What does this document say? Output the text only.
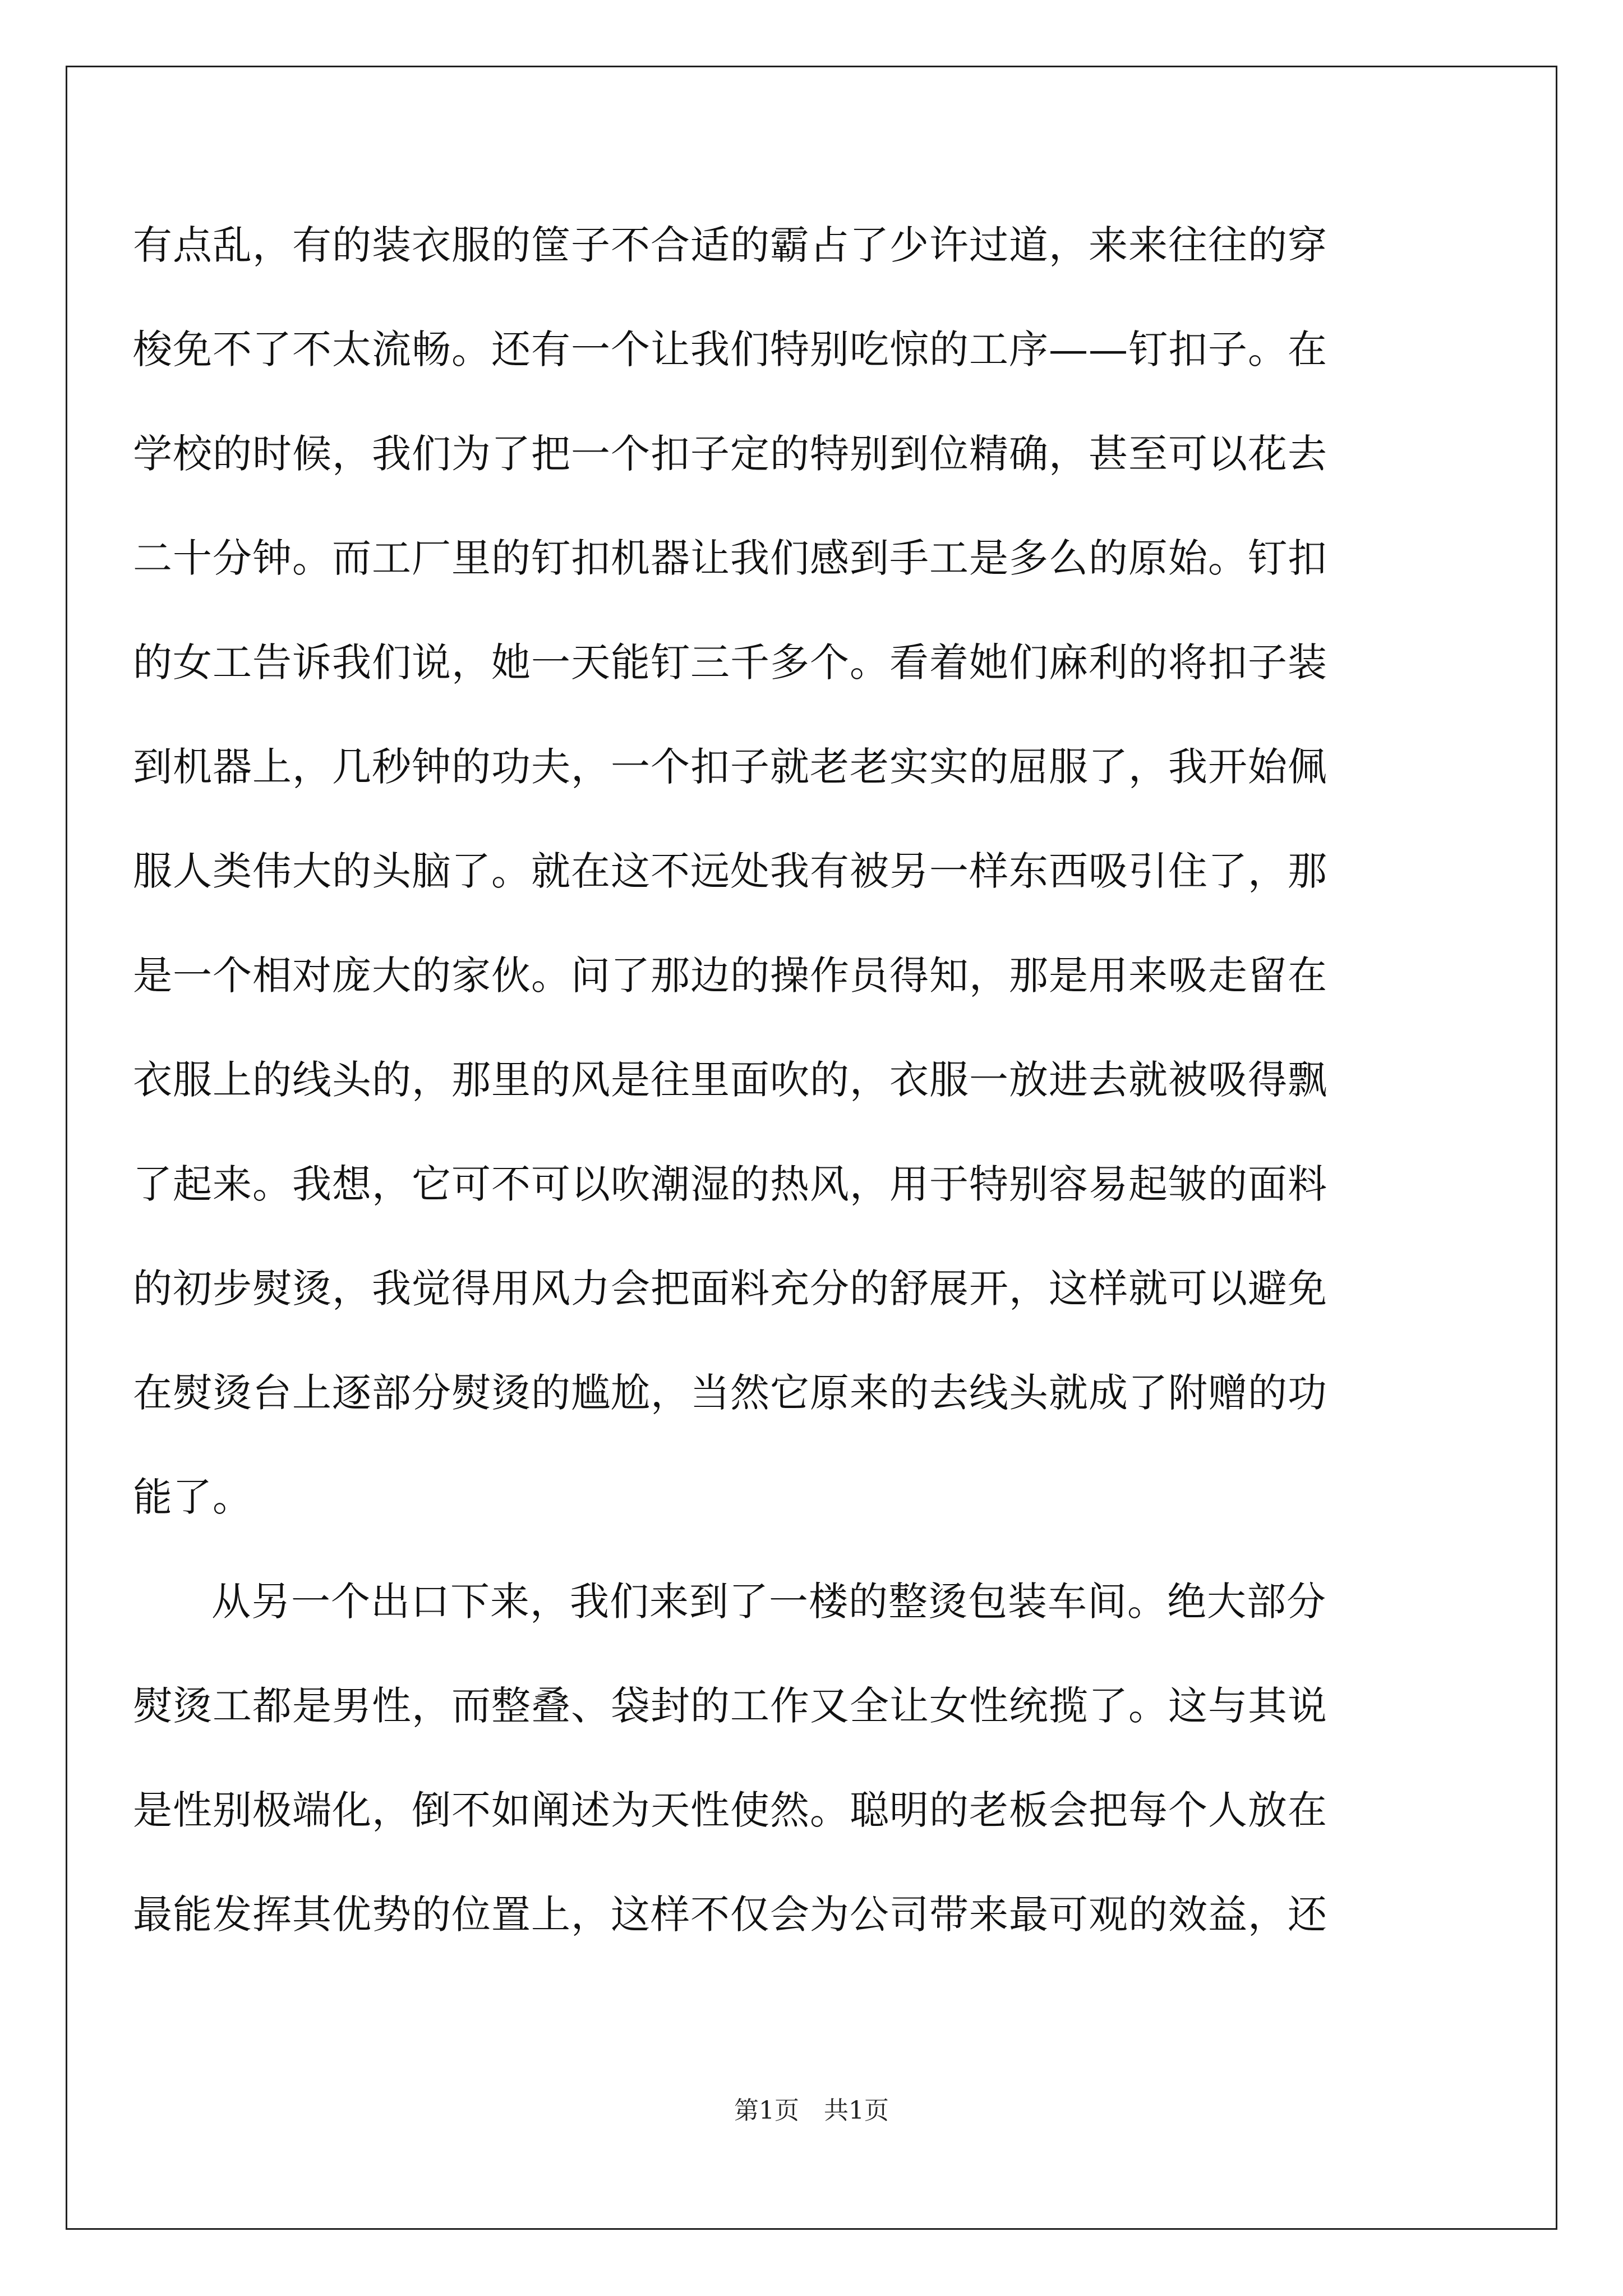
有点乱，有的装衣服的筐子不合适的霸占了少许过道，来来往往的穿
梭免不了不太流畅。还有一个让我们特别吃惊的工序——钉扣子。在
学校的时候，我们为了把一个扣子定的特别到位精确，甚至可以花去
二十分钟。而工厂里的钉扣机器让我们感到手工是多么的原始。钉扣
的女工告诉我们说，她一天能钉三千多个。看着她们麻利的将扣子装
到机器上，几秒钟的功夫，一个扣子就老老实实的屈服了，我开始佩
服人类伟大的头脑了。就在这不远处我有被另一样东西吸引住了，那
是一个相对庞大的家伙。问了那边的操作员得知，那是用来吸走留在
衣服上的线头的，那里的风是往里面吹的，衣服一放进去就被吸得飘
了起来。我想，它可不可以吹潮湿的热风，用于特别容易起皱的面料
的初步熨烫，我觉得用风力会把面料充分的舒展开，这样就可以避免
在熨烫台上逐部分熨烫的尴尬，当然它原来的去线头就成了附赠的功
能了。
从另一个出口下来，我们来到了一楼的整烫包装车间。绝大部分
熨烫工都是男性，而整叠、袋封的工作又全让女性统揽了。这与其说
是性别极端化，倒不如阐述为天性使然。聪明的老板会把每个人放在
最能发挥其优势的位置上，这样不仅会为公司带来最可观的效益，还
第1页　共1页
